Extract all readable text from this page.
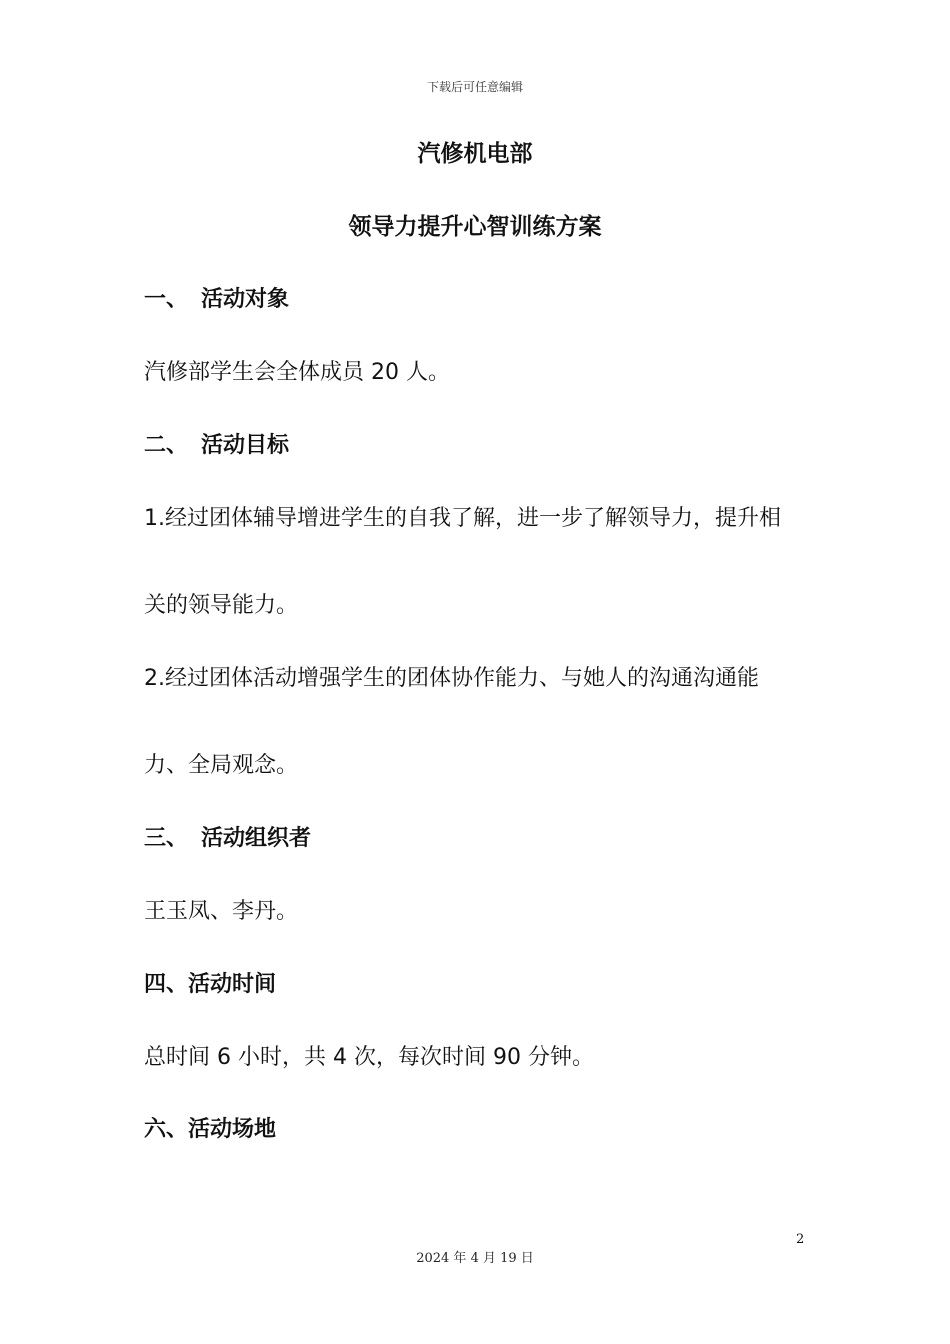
下载后可任意编辑
汽修机电部
领导力提升心智训练方案
一、 活动对象
汽修部学生会全体成员 20 人。
二、 活动目标
1.经过团体辅导增进学生的自我了解，进一步了解领导力，提升相
关的领导能力。
2.经过团体活动增强学生的团体协作能力、与她人的沟通沟通能
力、全局观念。
三、 活动组织者
王玉凤、李丹。
四、活动时间
总时间 6 小时，共 4 次，每次时间 90 分钟。
六、活动场地
2
2024 年 4 月 19 日
